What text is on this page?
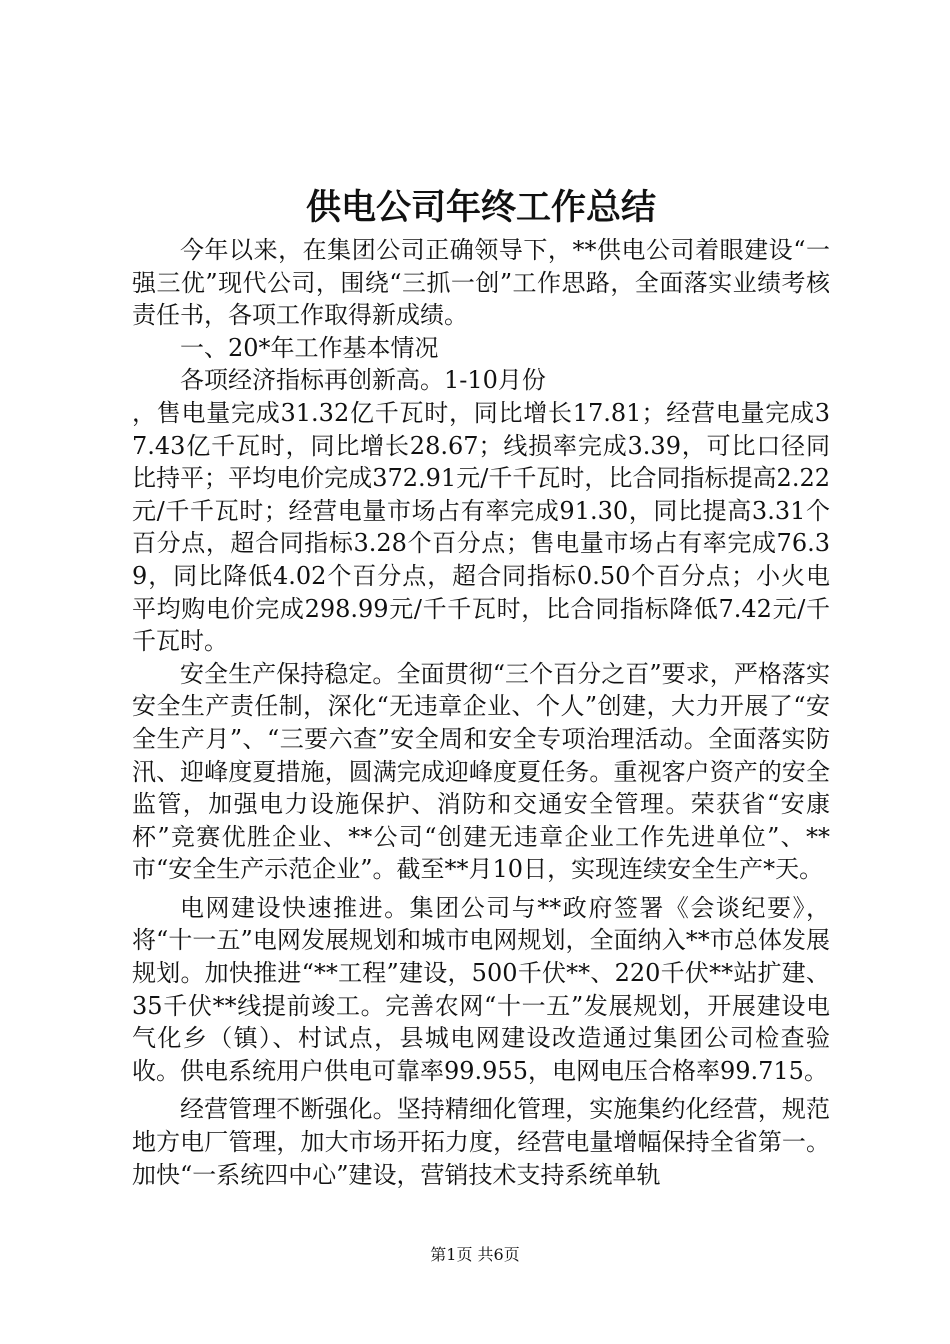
供电公司年终工作总结

今年以来，在集团公司正确领导下，**供电公司着眼建设“一强三优”现代公司，围绕“三抓一创”工作思路，全面落实业绩考核责任书，各项工作取得新成绩。

一、20*年工作基本情况

各项经济指标再创新高。1-10月份

，售电量完成31.32亿千瓦时，同比增长17.81；经营电量完成37.43亿千瓦时，同比增长28.67；线损率完成3.39，可比口径同比持平；平均电价完成372.91元/千千瓦时，比合同指标提高2.22元/千千瓦时；经营电量市场占有率完成91.30，同比提高3.31个百分点，超合同指标3.28个百分点；售电量市场占有率完成76.39，同比降低4.02个百分点，超合同指标0.50个百分点；小火电平均购电价完成298.99元/千千瓦时，比合同指标降低7.42元/千千瓦时。

安全生产保持稳定。全面贯彻“三个百分之百”要求，严格落实安全生产责任制，深化“无违章企业、个人”创建，大力开展了“安全生产月”、“三要六查”安全周和安全专项治理活动。全面落实防汛、迎峰度夏措施，圆满完成迎峰度夏任务。重视客户资产的安全监管，加强电力设施保护、消防和交通安全管理。荣获省“安康杯”竞赛优胜企业、**公司“创建无违章企业工作先进单位”、**市“安全生产示范企业”。截至**月10日，实现连续安全生产*天。

电网建设快速推进。集团公司与**政府签署《会谈纪要》，将“十一五”电网发展规划和城市电网规划，全面纳入**市总体发展规划。加快推进“**工程”建设，500千伏**、220千伏**站扩建、35千伏**线提前竣工。完善农网“十一五”发展规划，开展建设电气化乡（镇）、村试点，县城电网建设改造通过集团公司检查验收。供电系统用户供电可靠率99.955，电网电压合格率99.715。

经营管理不断强化。坚持精细化管理，实施集约化经营，规范地方电厂管理，加大市场开拓力度，经营电量增幅保持全省第一。加快“一系统四中心”建设，营销技术支持系统单轨

第1页 共6页
